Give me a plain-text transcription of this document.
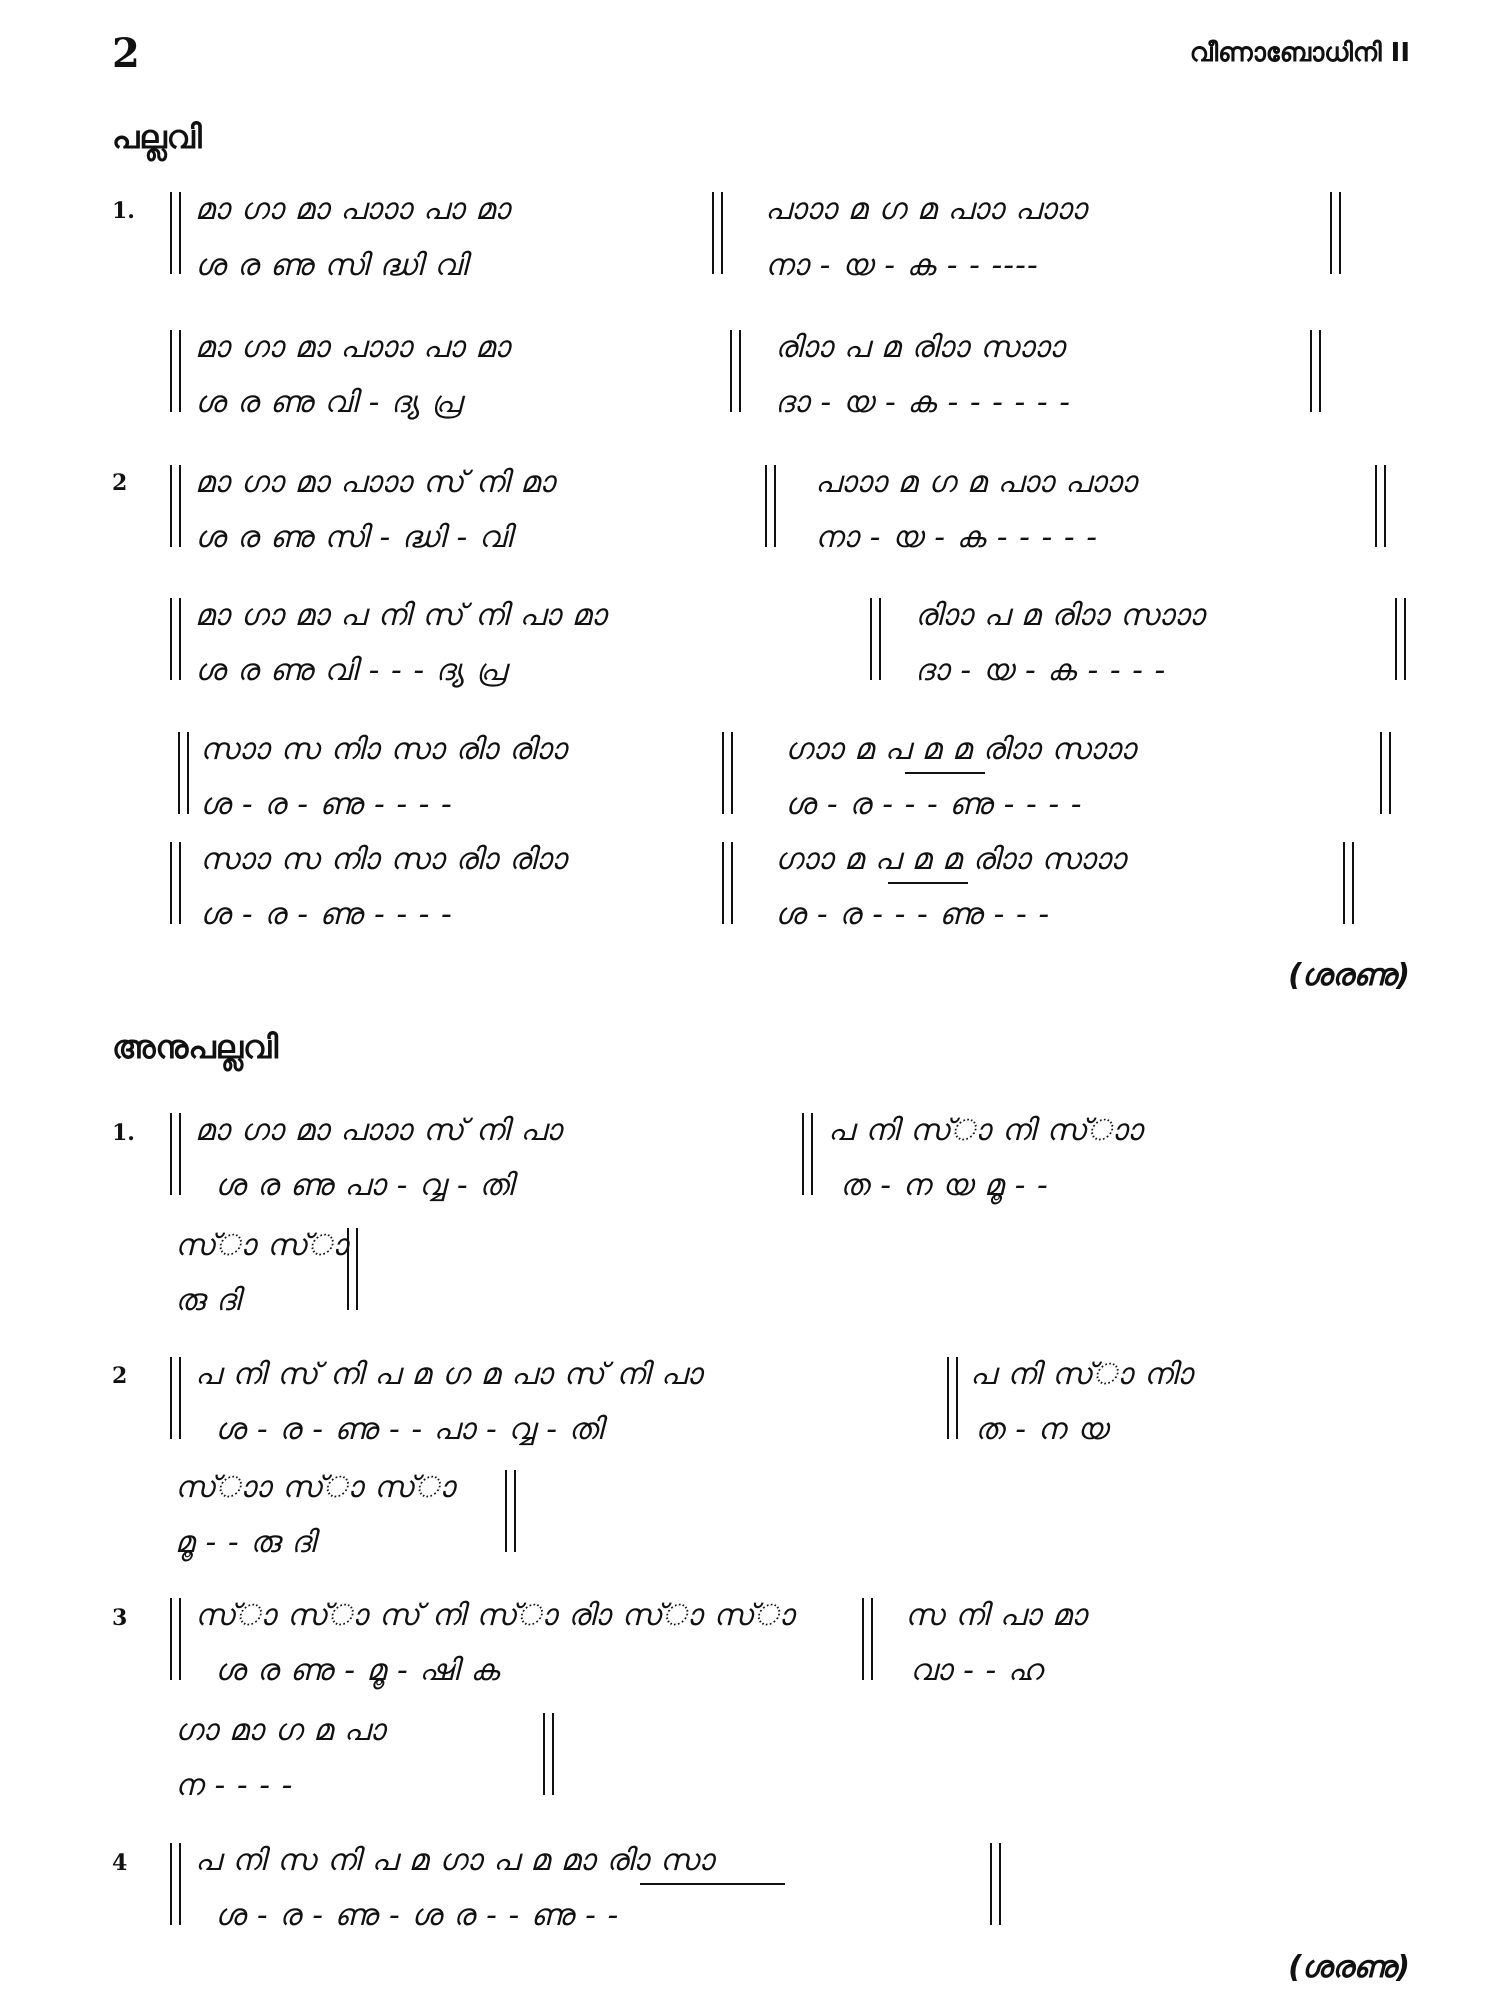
2	വീണാബോധിനി II
പല്ലവി
1. മാ ഗാ മാ പാാാ പാ മാ	പാാാ മ ഗ മ പാാ പാാാ
ശ ര ണു സി ദ്ധി വി	നാ - യ - ക - - ----
മാ ഗാ മാ പാാാ പാ മാ	രിാാ പ മ രിാാ സാാാ
ശ ര ണു വി - ദ്യ പ്ര	ദാ - യ - ക - - - - - -
2 മാ ഗാ മാ പാാാ സ് നി മാ	പാാാ മ ഗ മ പാാ പാാാ
ശ ര ണു സി - ദ്ധി - വി	നാ - യ - ക - - - - -
മാ ഗാ മാ പ നി സ് നി പാ മാ	രിാാ പ മ രിാാ സാാാ
ശ ര ണു വി - - - ദ്യ പ്ര	ദാ - യ - ക - - - -
സാാ സ നിാ സാ രിാ രിാാ	ഗാാ മ പ മ മ രിാാ സാാാ
ശ - ര - ണു - - - -	ശ - ര - - - ണു - - - -
സാാ സ നിാ സാ രിാ രിാാ	ഗാാ മ പ മ മ രിാാ സാാാ
ശ - ര - ണു - - - -	ശ - ര - - - ണു - - -
(ശരണു)
അനുപല്ലവി
1. മാ ഗാ മാ പാാാ സ് നി പാ	പ നി സ്ാ നി സ്ാാ
ശ ര ണു പാ - വ്വ - തി	ത - ന യ മൂ - -
സ്ാ സ്ാ
രു ദി
2 പ നി സ് നി പ മ ഗ മ പാ സ് നി പാ	പ നി സ്ാ നിാ
ശ - ര - ണു - - പാ - വ്വ - തി	ത - ന യ
സ്ാാ സ്ാ സ്ാ
മൂ - - രു ദി
3 സ്ാ സ്ാ സ് നി സ്ാ രിാ സ്ാ സ്ാ	സ നി പാ മാ
ശ ര ണു - മൂ - ഷി ക	വാ - - ഹ
ഗാ മാ ഗ മ പാ
ന - - - -
4 പ നി സ നി പ മ ഗാ പ മ മാ രിാ സാ
ശ - ര - ണു - ശ ര - - ണു - -
(ശരണു)
